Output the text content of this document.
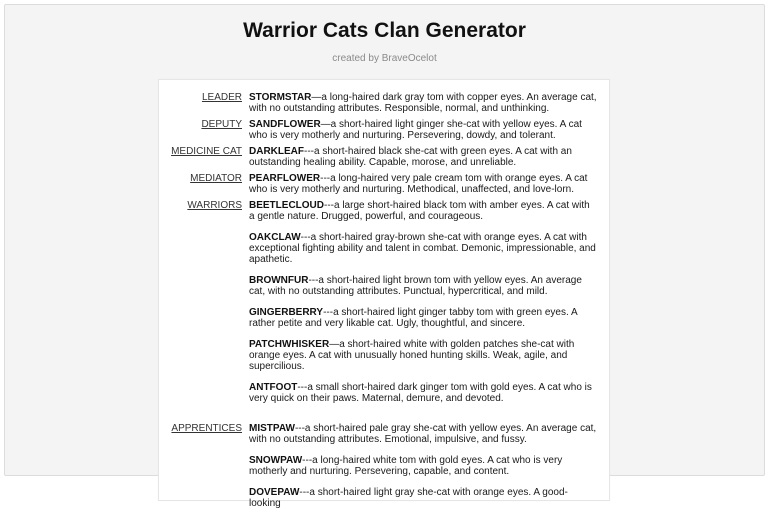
Warrior Cats Clan Generator
created by BraveOcelot
LEADER STORMSTAR—a long-haired dark gray tom with copper eyes. An average cat, with no outstanding attributes. Responsible, normal, and unthinking.
DEPUTY SANDFLOWER—a short-haired light ginger she-cat with yellow eyes. A cat who is very motherly and nurturing. Persevering, dowdy, and tolerant.
MEDICINE CAT DARKLEAF---a short-haired black she-cat with green eyes. A cat with an outstanding healing ability. Capable, morose, and unreliable.
MEDIATOR PEARFLOWER---a long-haired very pale cream tom with orange eyes. A cat who is very motherly and nurturing. Methodical, unaffected, and love-lorn.
WARRIORS BEETLECLOUD---a large short-haired black tom with amber eyes. A cat with a gentle nature. Drugged, powerful, and courageous.
OAKCLAW---a short-haired gray-brown she-cat with orange eyes. A cat with exceptional fighting ability and talent in combat. Demonic, impressionable, and apathetic.
BROWNFUR---a short-haired light brown tom with yellow eyes. An average cat, with no outstanding attributes. Punctual, hypercritical, and mild.
GINGERBERRY---a short-haired light ginger tabby tom with green eyes. A rather petite and very likable cat. Ugly, thoughtful, and sincere.
PATCHWHISKER—a short-haired white with golden patches she-cat with orange eyes. A cat with unusually honed hunting skills. Weak, agile, and supercilious.
ANTFOOT---a small short-haired dark ginger tom with gold eyes. A cat who is very quick on their paws. Maternal, demure, and devoted.
APPRENTICES MISTPAW---a short-haired pale gray she-cat with yellow eyes. An average cat, with no outstanding attributes. Emotional, impulsive, and fussy.
SNOWPAW---a long-haired white tom with gold eyes. A cat who is very motherly and nurturing. Persevering, capable, and content.
DOVEPAW---a short-haired light gray she-cat with orange eyes. A good-looking
